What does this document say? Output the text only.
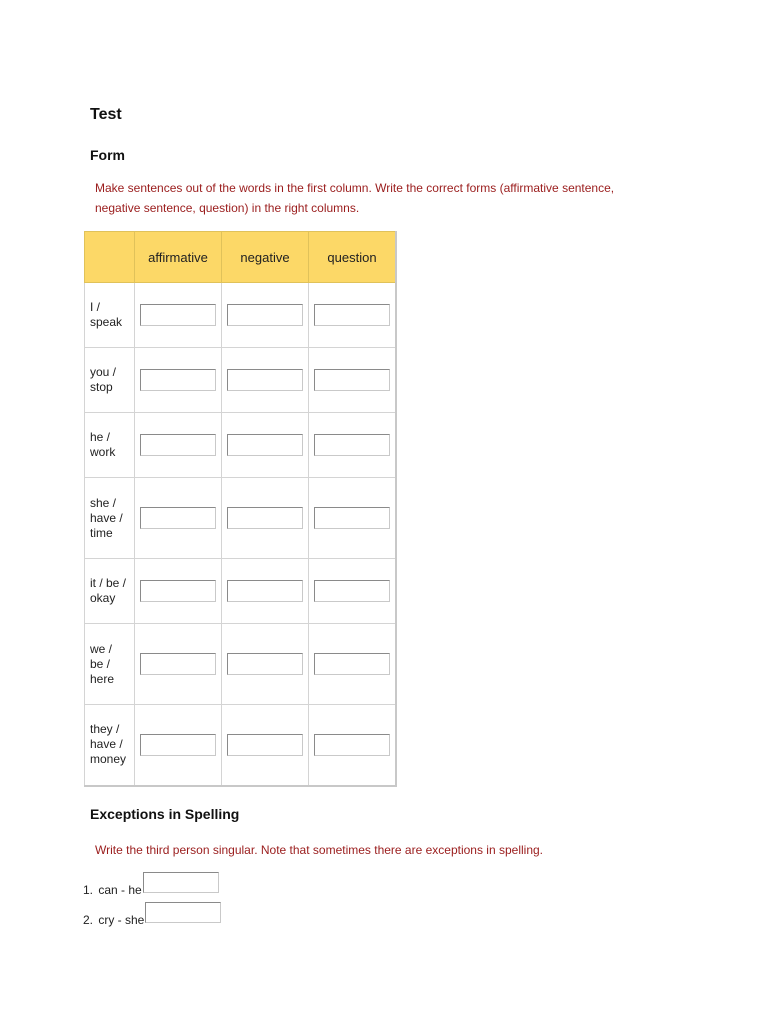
Test
Form

Make sentences out of the words in the first column. Write the correct forms (affirmative sentence, negative sentence, question) in the right columns.

	affirmative	negative	question
I / speak			
you / stop			
he / work			
she / have / time			
it / be / okay			
we / be / here			
they / have / money			
Exceptions in Spelling

Write the third person singular. Note that sometimes there are exceptions in spelling.

1. can - he
2. cry - she
